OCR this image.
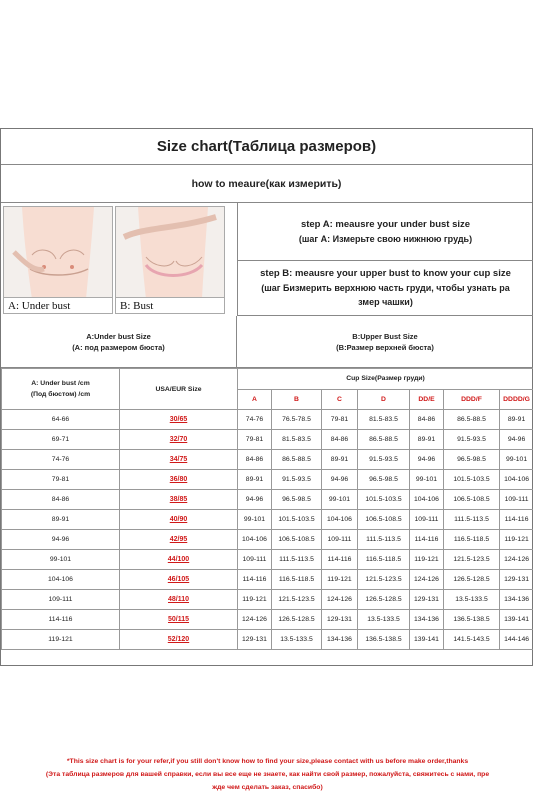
Size chart(Таблица размеров)
how to meaure(как измерить)
A: Under bust	B: Bust
step A: meausre your under bust size
(шаг А: Измерьте свою нижнюю грудь)
step B: meausre your upper bust to know your cup size
(шаг Бизмерить верхнюю часть груди, чтобы узнать ра
змер чашки)
A:Under bust Size
(A: под размером бюста)
B:Upper Bust Size
(B:Размер верхней бюста)
A: Under bust /cm
(Под бюстом) /cm	USA/EUR Size	Cup Size(Размер груди)						
		A	B	C	D	DD/E	DDD/F	DDDD/G
64-66	30/65	74-76	76.5-78.5	79-81	81.5-83.5	84-86	86.5-88.5	89-91
69-71	32/70	79-81	81.5-83.5	84-86	86.5-88.5	89-91	91.5-93.5	94-96
74-76	34/75	84-86	86.5-88.5	89-91	91.5-93.5	94-96	96.5-98.5	99-101
79-81	36/80	89-91	91.5-93.5	94-96	96.5-98.5	99-101	101.5-103.5	104-106
84-86	38/85	94-96	96.5-98.5	99-101	101.5-103.5	104-106	106.5-108.5	109-111
89-91	40/90	99-101	101.5-103.5	104-106	106.5-108.5	109-111	111.5-113.5	114-116
94-96	42/95	104-106	106.5-108.5	109-111	111.5-113.5	114-116	116.5-118.5	119-121
99-101	44/100	109-111	111.5-113.5	114-116	116.5-118.5	119-121	121.5-123.5	124-126
104-106	46/105	114-116	116.5-118.5	119-121	121.5-123.5	124-126	126.5-128.5	129-131
109-111	48/110	119-121	121.5-123.5	124-126	126.5-128.5	129-131	13.5-133.5	134-136
114-116	50/115	124-126	126.5-128.5	129-131	13.5-133.5	134-136	136.5-138.5	139-141
119-121	52/120	129-131	13.5-133.5	134-136	136.5-138.5	139-141	141.5-143.5	144-146
*This size chart is for your refer,if you still don't know how to find your size,please contact with us before make order,thanks
(Эта таблица размеров для вашей справки, если вы все еще не знаете, как найти свой размер, пожалуйста, свяжитесь с нами, пре
жде чем сделать заказ, спасибо)
